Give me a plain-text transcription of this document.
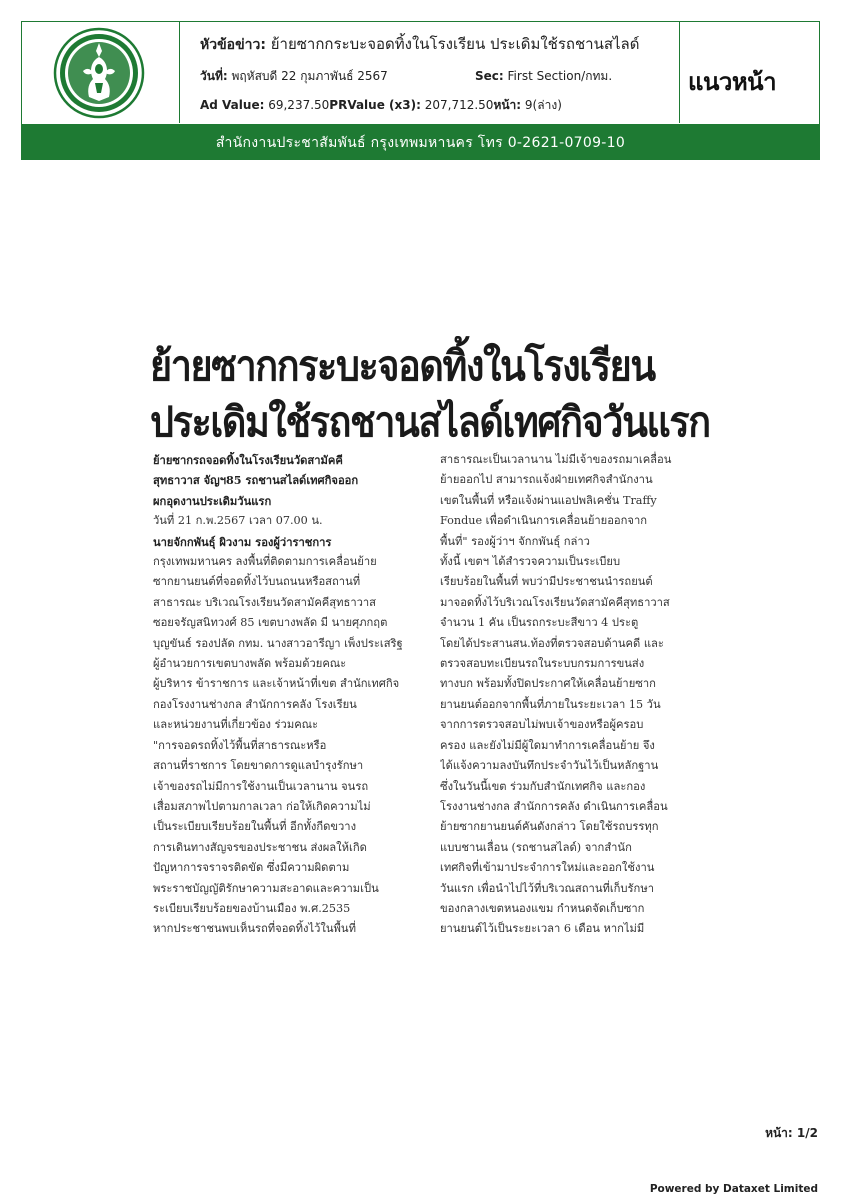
หัวข้อข่าว: ย้ายซากกระบะจอดทิ้งในโรงเรียน ประเดิมใช้รถชานสไลด์
วันที่: พฤหัสบดี 22 กุมภาพันธ์ 2567	Sec: First Section/กทม.
Ad Value: 69,237.50PRValue (x3): 207,712.50หน้า: 9(ล่าง)
แนวหน้า
สำนักงานประชาสัมพันธ์ กรุงเทพมหานคร โทร 0-2621-0709-10
ย้ายซากกระบะจอดทิ้งในโรงเรียน
ประเดิมใช้รถชานสไลด์เทศกิจวันแรก

ย้ายซากรถจอดทิ้งในโรงเรียนวัดสามัคคี

สุทธาวาส จัญฯ85 รถชานสไลด์เทศกิจออก

ผกอุดงานประเดิมวันแรก

วันที่ 21 ก.พ.2567 เวลา 07.00 น.

นายจักกพันธุ์ ผิวงาม รองผู้ว่าราชการ

กรุงเทพมหานคร ลงพื้นที่ติดตามการเคลื่อนย้าย

ซากยานยนต์ที่จอดทิ้งไว้บนถนนหรือสถานที่

สาธารณะ บริเวณโรงเรียนวัดสามัคคีสุทธาวาส

ซอยจรัญสนิทวงศ์ 85 เขตบางพลัด มี นายศุภกฤต

บุญขันธ์ รองปลัด กทม. นางสาวอารีญา เพ็งประเสริฐ

ผู้อำนวยการเขตบางพลัด พร้อมด้วยคณะ

ผู้บริหาร ข้าราชการ และเจ้าหน้าที่เขต สำนักเทศกิจ

กองโรงงานช่างกล สำนักการคลัง โรงเรียน

และหน่วยงานที่เกี่ยวข้อง ร่วมคณะ

"การจอดรถทิ้งไว้พื้นที่สาธารณะหรือ

สถานที่ราชการ โดยขาดการดูแลบำรุงรักษา

เจ้าของรถไม่มีการใช้งานเป็นเวลานาน จนรถ

เสื่อมสภาพไปตามกาลเวลา ก่อให้เกิดความไม่

เป็นระเบียบเรียบร้อยในพื้นที่ อีกทั้งกีดขวาง

การเดินทางสัญจรของประชาชน ส่งผลให้เกิด

ปัญหาการจราจรติดขัด ซึ่งมีความผิดตาม

พระราชบัญญัติรักษาความสะอาดและความเป็น

ระเบียบเรียบร้อยของบ้านเมือง พ.ศ.2535

หากประชาชนพบเห็นรถที่จอดทิ้งไว้ในพื้นที่

สาธารณะเป็นเวลานาน ไม่มีเจ้าของรถมาเคลื่อน

ย้ายออกไป สามารถแจ้งฝ่ายเทศกิจสำนักงาน

เขตในพื้นที่ หรือแจ้งผ่านแอปพลิเคชั่น Traffy

Fondue เพื่อดำเนินการเคลื่อนย้ายออกจาก

พื้นที่" รองผู้ว่าฯ จักกพันธุ์ กล่าว

ทั้งนี้ เขตฯ ได้สำรวจความเป็นระเบียบ

เรียบร้อยในพื้นที่ พบว่ามีประชาชนนำรถยนต์

มาจอดทิ้งไว้บริเวณโรงเรียนวัดสามัคคีสุทธาวาส

จำนวน 1 คัน เป็นรถกระบะสีขาว 4 ประตู

โดยได้ประสานสน.ท้องที่ตรวจสอบด้านคดี และ

ตรวจสอบทะเบียนรถในระบบกรมการขนส่ง

ทางบก พร้อมทั้งปิดประกาศให้เคลื่อนย้ายซาก

ยานยนต์ออกจากพื้นที่ภายในระยะเวลา 15 วัน

จากการตรวจสอบไม่พบเจ้าของหรือผู้ครอบ

ครอง และยังไม่มีผู้ใดมาทำการเคลื่อนย้าย จึง

ได้แจ้งความลงบันทึกประจำวันไว้เป็นหลักฐาน

ซึ่งในวันนี้เขต ร่วมกับสำนักเทศกิจ และกอง

โรงงานช่างกล สำนักการคลัง ดำเนินการเคลื่อน

ย้ายซากยานยนต์คันดังกล่าว โดยใช้รถบรรทุก

แบบชานเลื่อน (รถชานสไลด์) จากสำนัก

เทศกิจที่เข้ามาประจำการใหม่และออกใช้งาน

วันแรก เพื่อนำไปไว้ที่บริเวณสถานที่เก็บรักษา

ของกลางเขตหนองแขม กำหนดจัดเก็บซาก

ยานยนต์ไว้เป็นระยะเวลา 6 เดือน หากไม่มี

หน้า: 1/2
Powered by Dataxet Limited
